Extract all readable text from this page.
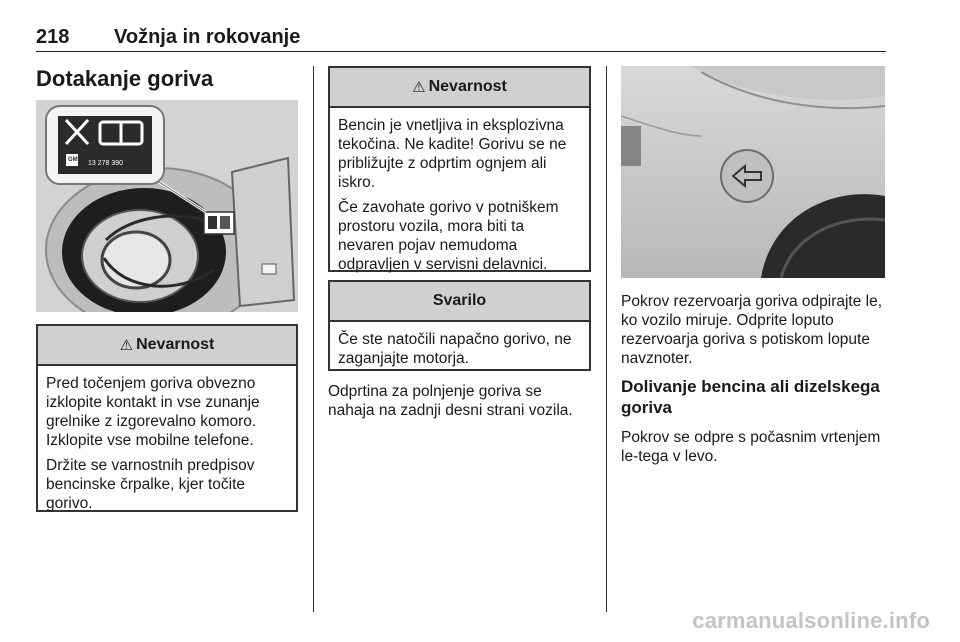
218 Vožnja in rokovanje
Dotakanje goriva
13 278 390
GM
⚠ Nevarnost

Pred točenjem goriva obvezno izklopite kontakt in vse zunanje grelnike z izgorevalno komoro. Izklopite vse mobilne telefone.

Držite se varnostnih predpisov bencinske črpalke, kjer točite gorivo.

⚠ Nevarnost

Bencin je vnetljiva in eksplozivna tekočina. Ne kadite! Gorivu se ne približujte z odprtim ognjem ali iskro.

Če zavohate gorivo v potniškem prostoru vozila, mora biti ta nevaren pojav nemudoma odpravljen v servisni delavnici.

Svarilo

Če ste natočili napačno gorivo, ne zaganjajte motorja.

Odprtina za polnjenje goriva se nahaja na zadnji desni strani vozila.
Pokrov rezervoarja goriva odpirajte le, ko vozilo miruje. Odprite loputo rezervoarja goriva s potiskom lopute navznoter.
Dolivanje bencina ali dizelskega goriva
Pokrov se odpre s počasnim vrtenjem le-tega v levo.
carmanualsonline.info
